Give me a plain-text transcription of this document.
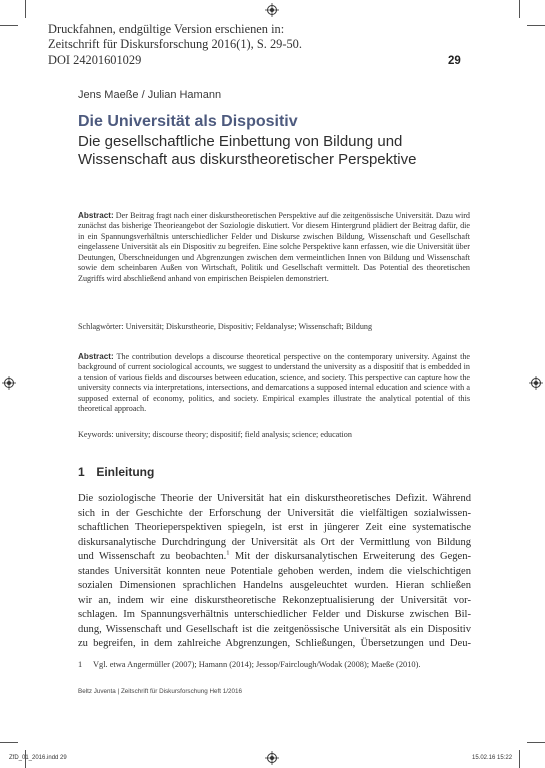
Druckfahnen, endgültige Version erschienen in:
Zeitschrift für Diskursforschung 2016(1), S. 29-50.
DOI 24201601029	29
Jens Maeße / Julian Hamann
Die Universität als Dispositiv
Die gesellschaftliche Einbettung von Bildung und
Wissenschaft aus diskurstheoretischer Perspektive
Abstract: Der Beitrag fragt nach einer diskurstheoretischen Perspektive auf die zeitgenössische Universität. Dazu wird zunächst das bisherige Theorieangebot der Soziologie diskutiert. Vor diesem Hintergrund plädiert der Beitrag dafür, die in ein Spannungsverhältnis unterschiedlicher Felder und Diskurse zwischen Bildung, Wissenschaft und Gesellschaft eingelassene Universität als ein Dispositiv zu begreifen. Eine solche Perspektive kann erfassen, wie die Universität über Deutungen, Überschneidungen und Abgrenzungen zwischen dem vermeintlichen Innen von Bildung und Wissenschaft sowie dem scheinbaren Außen von Wirtschaft, Politik und Gesellschaft vermittelt. Das Potential des theoretischen Zugriffs wird abschließend anhand von empirischen Beispielen demonstriert.
Schlagwörter: Universität; Diskurstheorie, Dispositiv; Feldanalyse; Wissenschaft; Bildung
Abstract: The contribution develops a discourse theoretical perspective on the contemporary university. Against the background of current sociological accounts, we suggest to understand the university as a dispositif that is embedded in a tension of various fields and discourses between education, science, and society. This perspective can capture how the university connects via interpretations, intersections, and demarcations a supposed internal education and science with a supposed external of economy, politics, and society. Empirical examples illustrate the analytical potential of this theoretical approach.
Keywords: university; discourse theory; dispositif; field analysis; science; education
1 Einleitung
Die soziologische Theorie der Universität hat ein diskurstheoretisches Defizit. Während
sich in der Geschichte der Erforschung der Universität die vielfältigen sozialwissen-
schaftlichen Theorieperspektiven spiegeln, ist erst in jüngerer Zeit eine systematische
diskursanalytische Durchdringung der Universität als Ort der Vermittlung von Bildung
und Wissenschaft zu beobachten.$^1$ Mit der diskursanalytischen Erweiterung des Gegen-
standes Universität konnten neue Potentiale gehoben werden, indem die vielschichtigen
sozialen Dimensionen sprachlichen Handelns ausgeleuchtet wurden. Hieran schließen
wir an, indem wir eine diskurstheoretische Rekonzeptualisierung der Universität vor-
schlagen. Im Spannungsverhältnis unterschiedlicher Felder und Diskurse zwischen Bil-
dung, Wissenschaft und Gesellschaft ist die zeitgenössische Universität als ein Dispositiv
zu begreifen, in dem zahlreiche Abgrenzungen, Schließungen, Übersetzungen und Deu-
1 Vgl. etwa Angermüller (2007); Hamann (2014); Jessop/Fairclough/Wodak (2008); Maeße (2010).
Beltz Juventa | Zeitschrift für Diskursforschung Heft 1/2016
ZfD_01_2016.indd 29	15.02.16 15:22
